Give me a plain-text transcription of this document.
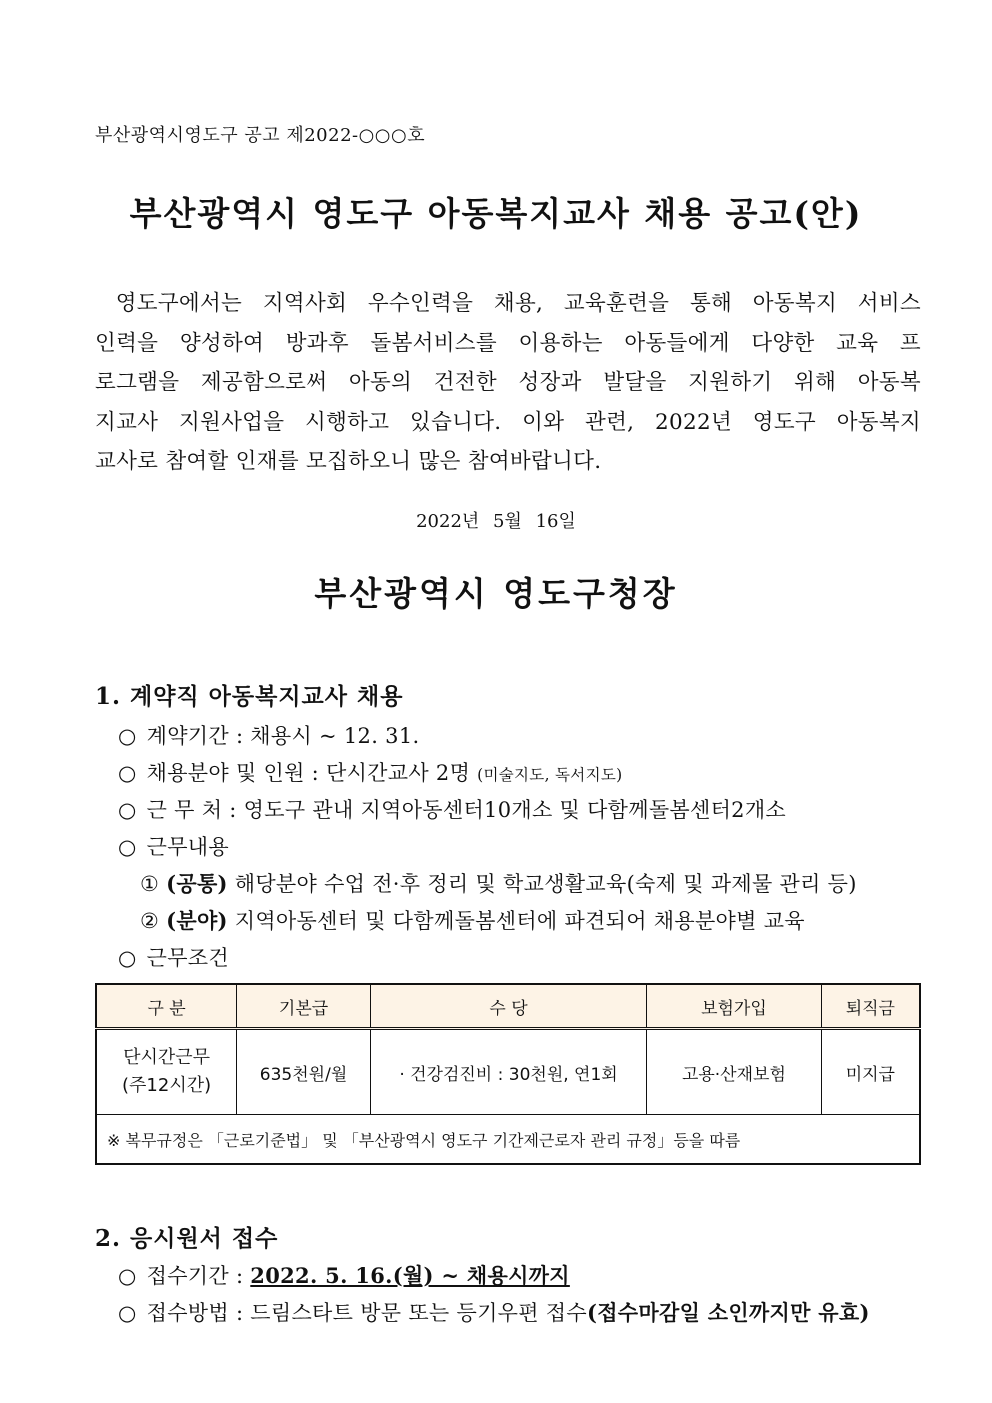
부산광역시영도구 공고 제2022-○○○호
부산광역시 영도구 아동복지교사 채용 공고(안)
영도구에서는 지역사회 우수인력을 채용, 교육훈련을 통해 아동복지 서비스
인력을 양성하여 방과후 돌봄서비스를 이용하는 아동들에게 다양한 교육 프
로그램을 제공함으로써 아동의 건전한 성장과 발달을 지원하기 위해 아동복
지교사 지원사업을 시행하고 있습니다. 이와 관련, 2022년 영도구 아동복지
교사로 참여할 인재를 모집하오니 많은 참여바랍니다.
2022년 5월 16일
부산광역시 영도구청장
1. 계약직 아동복지교사 채용
○ 계약기간 : 채용시 ~ 12. 31.
○ 채용분야 및 인원 : 단시간교사 2명 (미술지도, 독서지도)
○ 근 무 처 : 영도구 관내 지역아동센터10개소 및 다함께돌봄센터2개소
○ 근무내용
① (공통) 해당분야 수업 전·후 정리 및 학교생활교육(숙제 및 과제물 관리 등)
② (분야) 지역아동센터 및 다함께돌봄센터에 파견되어 채용분야별 교육
○ 근무조건
구 분	기본급	수 당	보험가입	퇴직금

단시간근무
(주12시간)	635천원/월	· 건강검진비 : 30천원, 연1회	고용·산재보험	미지급
※ 복무규정은 「근로기준법」 및 「부산광역시 영도구 기간제근로자 관리 규정」등을 따름				
2. 응시원서 접수
○ 접수기간 : 2022. 5. 16.(월) ~ 채용시까지
○ 접수방법 : 드림스타트 방문 또는 등기우편 접수(접수마감일 소인까지만 유효)
